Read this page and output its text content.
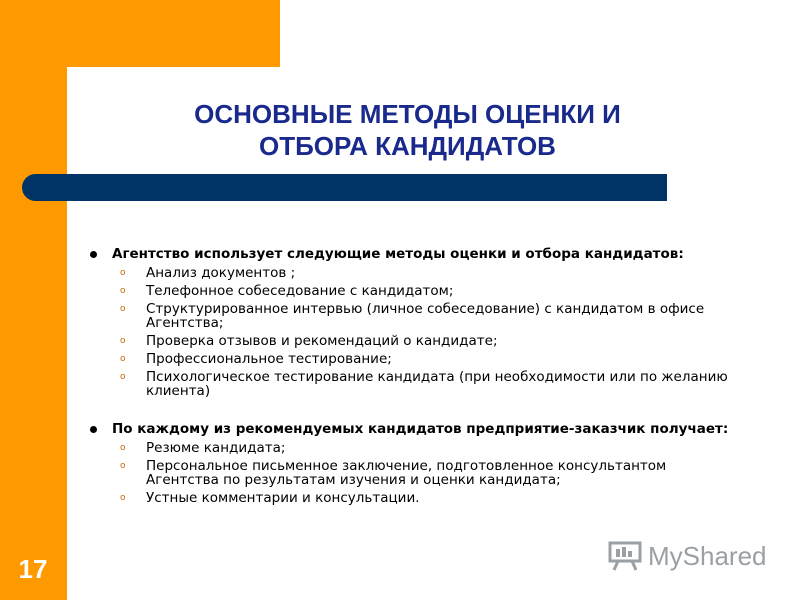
ОСНОВНЫЕ МЕТОДЫ ОЦЕНКИ И
ОТБОРА КАНДИДАТОВ
Агентство использует следующие методы оценки и отбора кандидатов:
o Анализ документов ;
o Телефонное собеседование с кандидатом;
o Структурированное интервью (личное собеседование) с кандидатом в офисе Агентства;
o Проверка отзывов и рекомендаций о кандидате;
o Профессиональное тестирование;
o Психологическое тестирование кандидата (при необходимости или по желанию клиента)
По каждому из рекомендуемых кандидатов предприятие-заказчик получает:
o Резюме кандидата;
o Персональное письменное заключение, подготовленное консультантом Агентства по результатам изучения и оценки кандидата;
o Устные комментарии и консультации.
17	MyShared
